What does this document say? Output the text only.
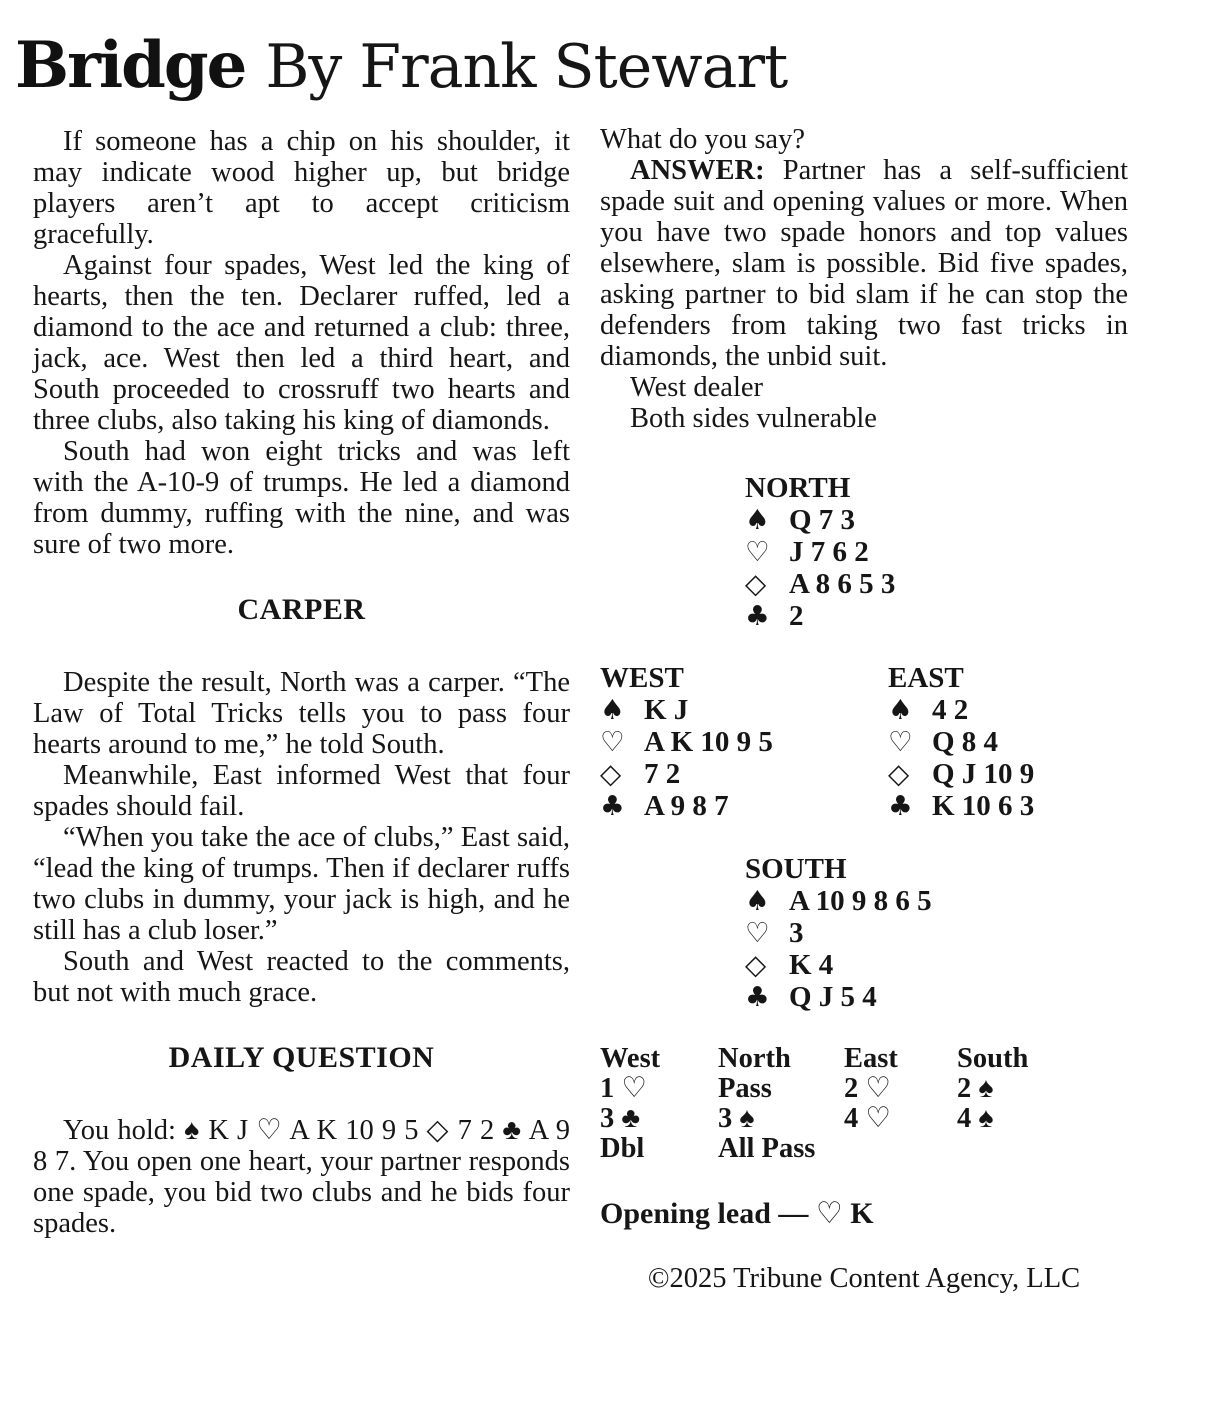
Bridge By Frank Stewart

If someone has a chip on his shoulder, it may indicate wood higher up, but bridge players aren’t apt to accept criticism gracefully.

Against four spades, West led the king of hearts, then the ten. Declarer ruffed, led a diamond to the ace and returned a club: three, jack, ace. West then led a third heart, and South proceeded to crossruff two hearts and three clubs, also taking his king of diamonds.

South had won eight tricks and was left with the A-10-9 of trumps. He led a diamond from dummy, ruffing with the nine, and was sure of two more.

CARPER

Despite the result, North was a carper. “The Law of Total Tricks tells you to pass four hearts around to me,” he told South.

Meanwhile, East informed West that four spades should fail.

“When you take the ace of clubs,” East said, “lead the king of trumps. Then if declarer ruffs two clubs in dummy, your jack is high, and he still has a club loser.”

South and West reacted to the comments, but not with much grace.

DAILY QUESTION

You hold: ♠ K J ♡ A K 10 9 5 ◇ 7 2 ♣ A 9 8 7. You open one heart, your partner responds one spade, you bid two clubs and he bids four spades.

What do you say?

ANSWER: Partner has a self-sufficient spade suit and opening values or more. When you have two spade honors and top values elsewhere, slam is possible. Bid five spades, asking partner to bid slam if he can stop the defenders from taking two fast tricks in diamonds, the unbid suit.

West dealer

Both sides vulnerable

NORTH
♠ Q 7 3
♡ J 7 6 2
◇ A 8 6 5 3
♣ 2
WEST
♠ K J
♡ A K 10 9 5
◇ 7 2
♣ A 9 8 7
EAST
♠ 4 2
♡ Q 8 4
◇ Q J 10 9
♣ K 10 6 3
SOUTH
♠ A 10 9 8 6 5
♡ 3
◇ K 4
♣ Q J 5 4
West	North	East	South
1 ♡	Pass	2 ♡	2 ♠
3 ♣	3 ♠	4 ♡	4 ♠
Dbl	All Pass
Opening lead — ♡ K
©2025 Tribune Content Agency, LLC
